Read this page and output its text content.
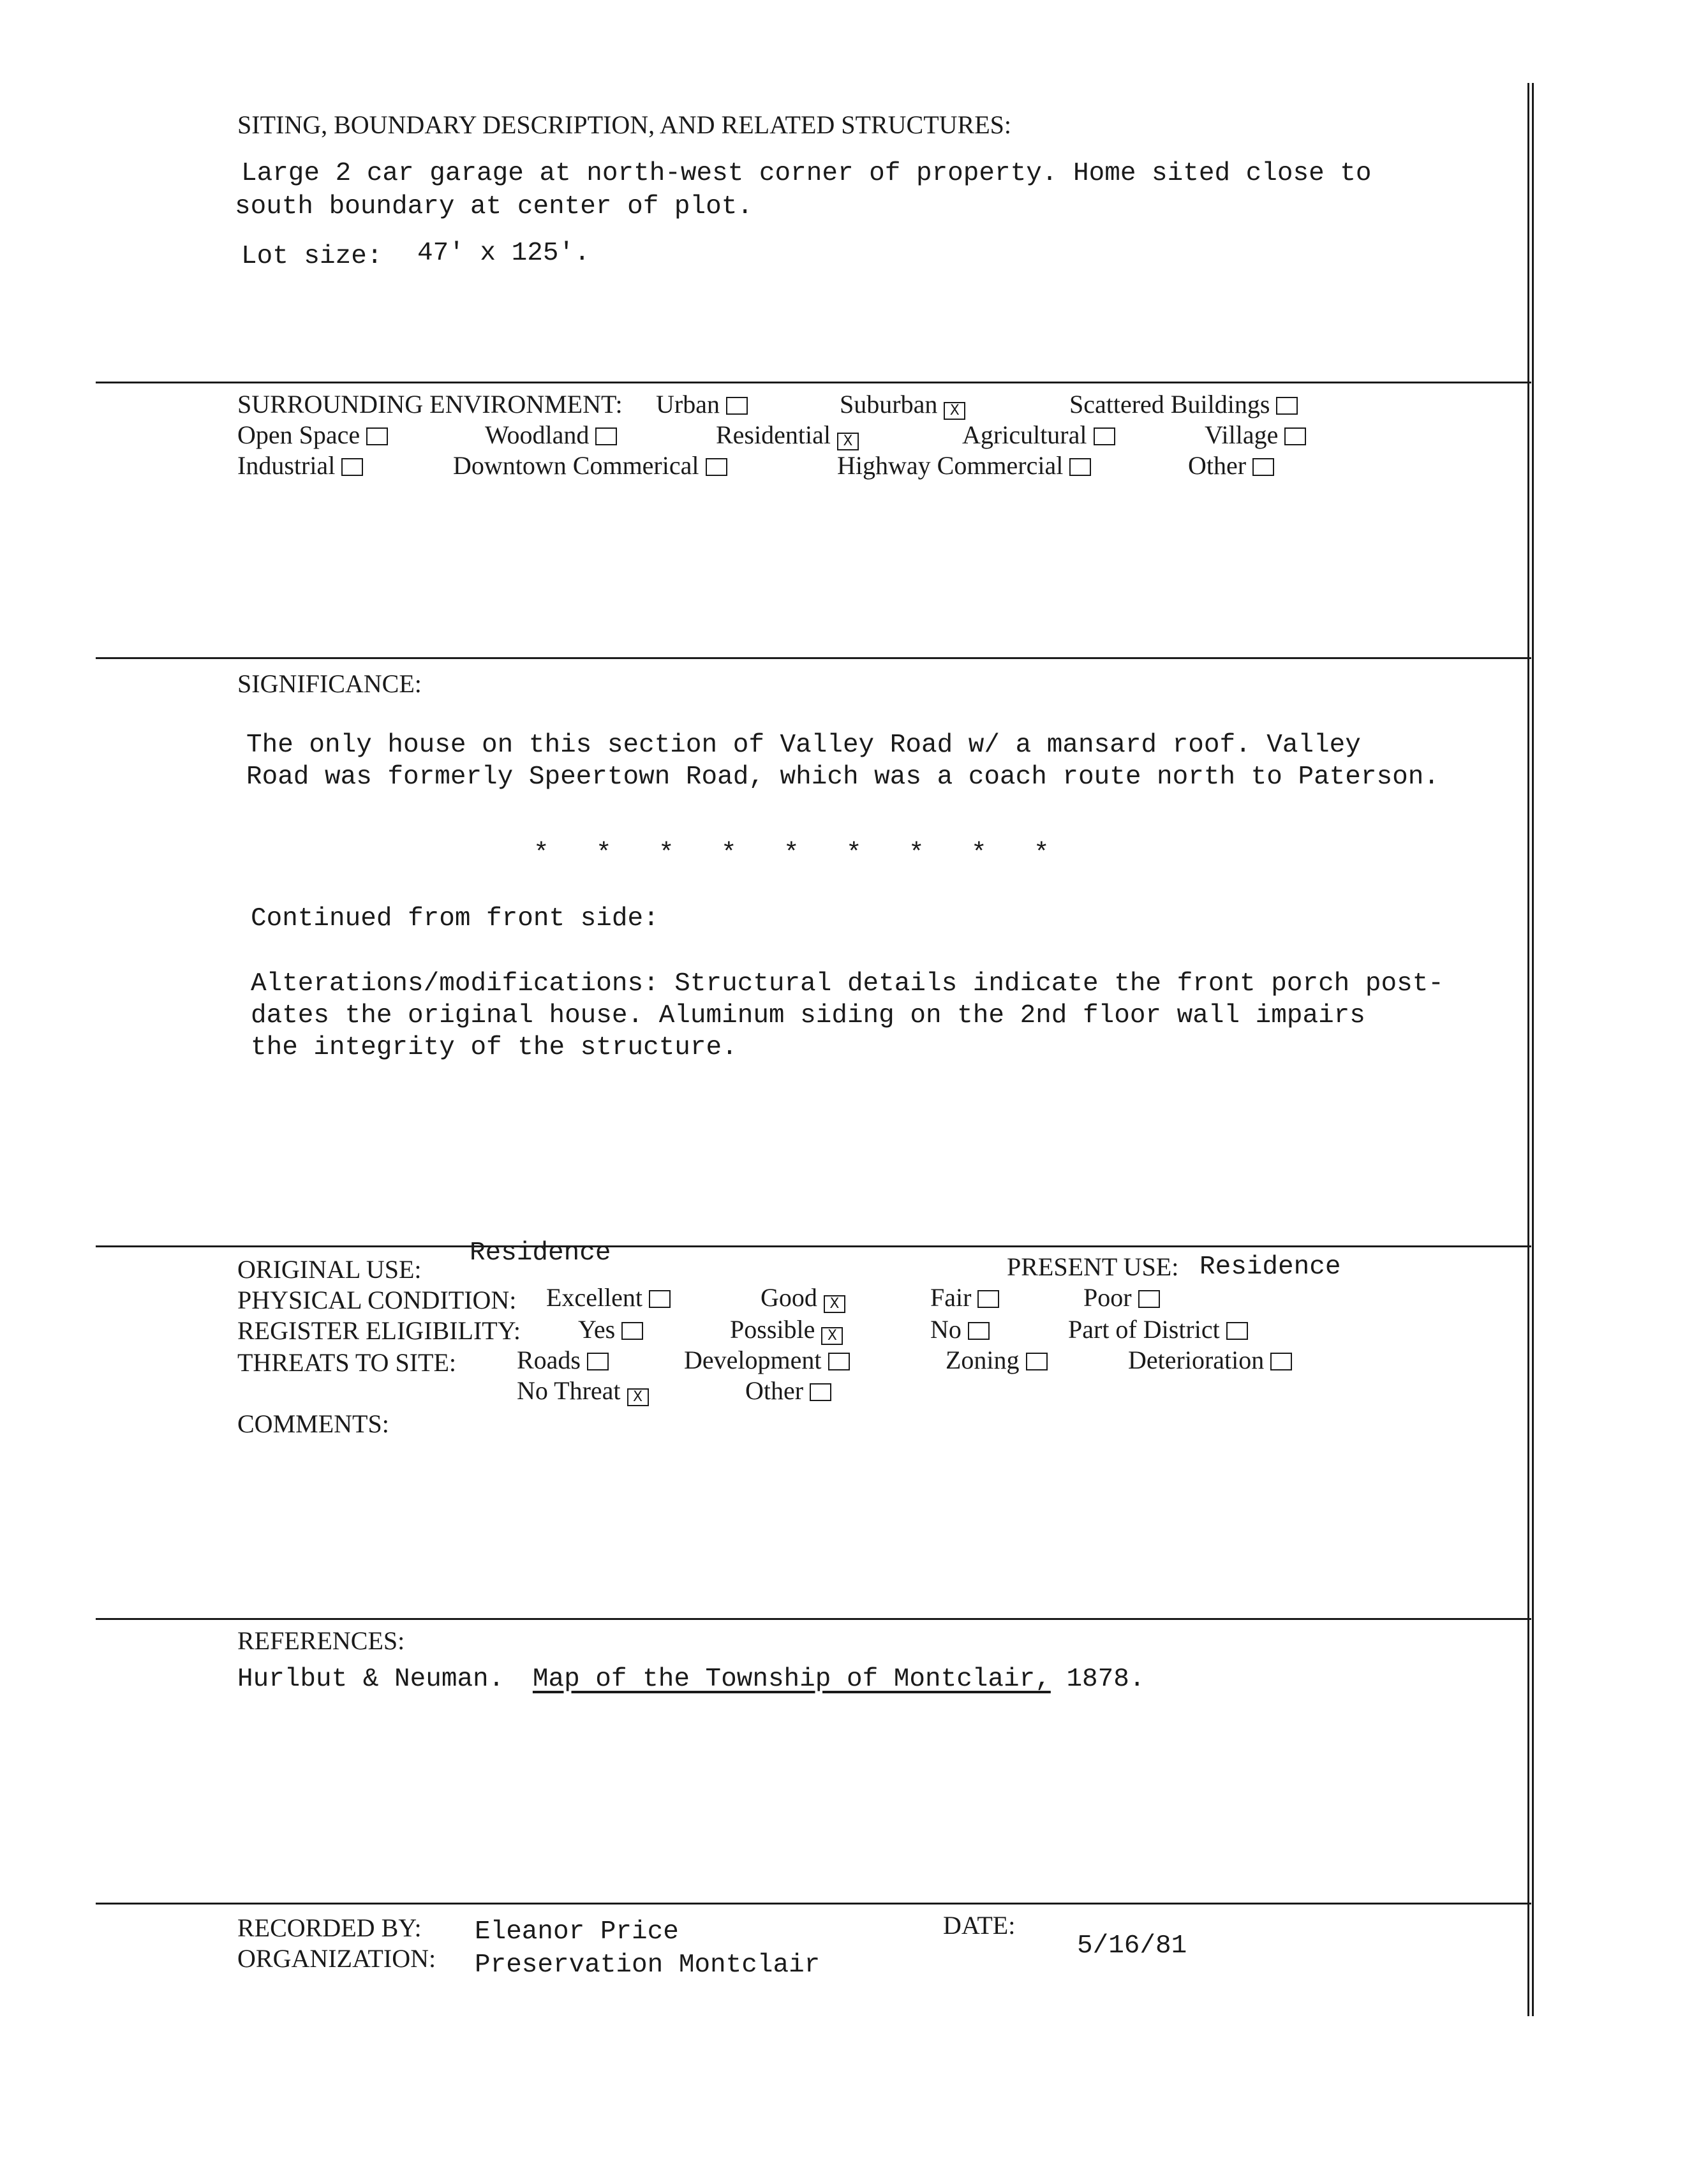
SITING, BOUNDARY DESCRIPTION, AND RELATED STRUCTURES:
Large 2 car garage at north-west corner of property. Home sited close to
south boundary at center of plot.
Lot size: 47' x 125'.
SURROUNDING ENVIRONMENT: Urban	Suburban X	Scattered Buildings
Open Space	Woodland	Residential X	Agricultural	Village
Industrial	Downtown Commerical	Highway Commercial	Other
SIGNIFICANCE:
The only house on this section of Valley Road w/ a mansard roof. Valley
Road was formerly Speertown Road, which was a coach route north to Paterson.
* * * * * * * * *
Continued from front side:
Alterations/modifications: Structural details indicate the front porch post-
dates the original house. Aluminum siding on the 2nd floor wall impairs
the integrity of the structure.
ORIGINAL USE:
Residence	PRESENT USE: Residence
PHYSICAL CONDITION: Excellent	Good X	Fair	Poor
REGISTER ELIGIBILITY: Yes	Possible X	No	Part of District
THREATS TO SITE: Roads	Development	Zoning	Deterioration
No Threat X	Other
COMMENTS:
REFERENCES:
Hurlbut & Neuman. Map of the Township of Montclair, 1878.
RECORDED BY: Eleanor Price
ORGANIZATION: Preservation Montclair
DATE:
5/16/81
